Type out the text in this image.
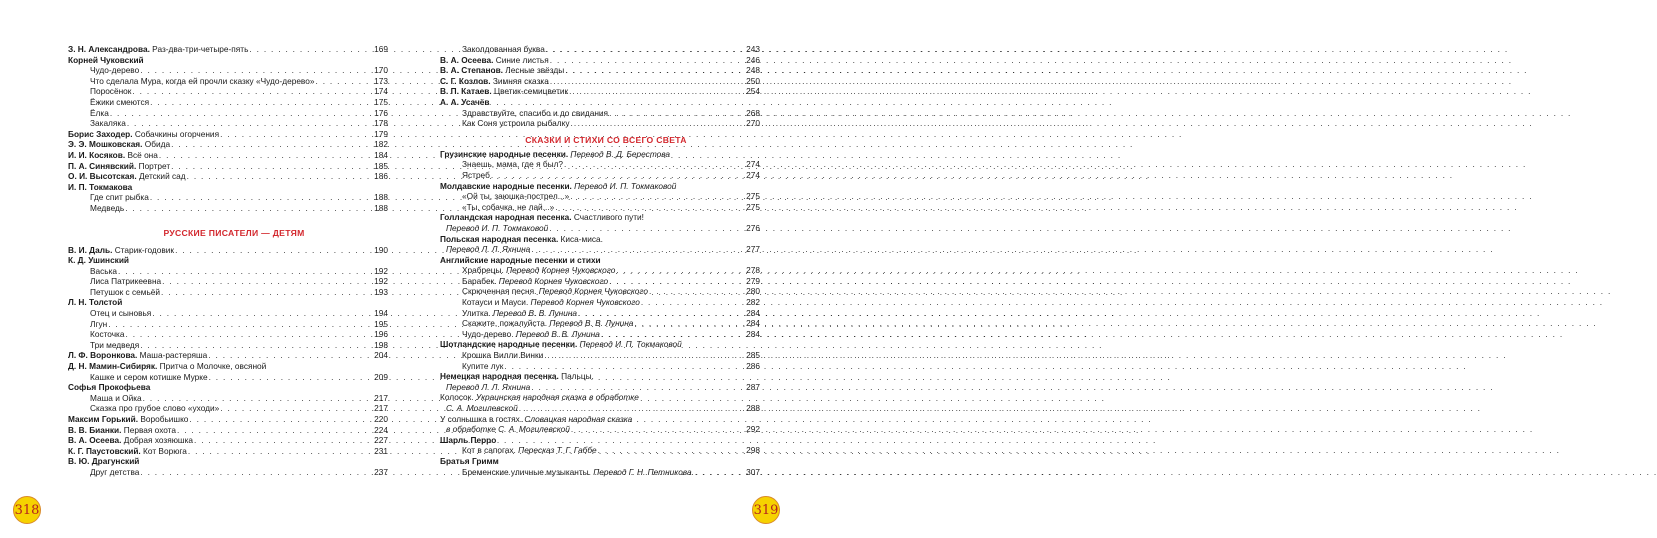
З. Н. Александрова. Раз-два-три-четыре-пять . . .	169
Корней Чуковский
Чудо-дерево . . .	170
Что сделала Мура, когда ей прочли сказку «Чудо-дерево» . . .	173
Поросёнок . . .	174
Ёжики смеются . . .	175
Ёлка . . .	176
Закаляка . . .	178
Борис Заходер. Собачкины огорчения . . .	179
Э. Э. Мошковская. Обида . . .	182
И. И. Косяков. Всё она . . .	184
П. А. Синявский. Портрет . . .	185
О. И. Высотская. Детский сад . . .	186
И. П. Токмакова
Где спит рыбка . . .	188
Медведь . . .	188
РУССКИЕ ПИСАТЕЛИ — ДЕТЯМ
В. И. Даль. Старик-годовик . . .	190
К. Д. Ушинский
Васька . . .	192
Лиса Патрикеевна . . .	192
Петушок с семьёй . . .	193
Л. Н. Толстой
Отец и сыновья . . .	194
Лгун . . .	195
Косточка . . .	196
Три медведя . . .	198
Л. Ф. Воронкова. Маша-растеряша . . .	204
Д. Н. Мамин-Сибиряк. Притча о Молочке, овсяной
Кашке и сером котишке Мурке . . .	209
Софья Прокофьева
Маша и Ойка . . .	217
Сказка про грубое слово «уходи» . . .	217
Максим Горький. Воробьишко . . .	220
В. В. Бианки. Первая охота . . .	224
В. А. Осеева. Добрая хозяюшка . . .	227
К. Г. Паустовский. Кот Ворюга . . .	231
В. Ю. Драгунский
Друг детства . . .	237
318
Заколдованная буква . . .	243
В. А. Осеева. Синие листья . . .	246
В. А. Степанов. Лесные звёзды . . .	248
С. Г. Козлов. Зимняя сказка . . .	250
В. П. Катаев. Цветик-семицветик . . .	254
А. А. Усачёв
Здравствуйте, спасибо и до свидания . . .	268
Как Соня устроила рыбалку . . .	270
СКАЗКИ И СТИХИ СО ВСЕГО СВЕТА
Грузинские народные песенки. Перевод В. Д. Берестова
Знаешь, мама, где я был? . . .	274
Ястреб . . .	274
Молдавские народные песенки. Перевод И. П. Токмаковой
«Ой ты, заюшка-пострел...» . . .	275
«Ты, собачка, не лай...» . . .	275
Голландская народная песенка. Счастливого пути!
Перевод И. П. Токмаковой . . .	276
Польская народная песенка. Киса-миса.
Перевод Л. Л. Яхнина . . .	277
Английские народные песенки и стихи
Храбрецы. Перевод Корнея Чуковского . . .	278
Барабек. Перевод Корнея Чуковского . . .	279
Скрюченная песня. Перевод Корнея Чуковского . . .	280
Котауси и Мауси. Перевод Корнея Чуковского . . .	282
Улитка. Перевод В. В. Лунина . . .	284
Скажите, пожалуйста. Перевод В. В. Лунина . . .	284
Чудо-дерево. Перевод В. В. Лунина . . .	284
Шотландские народные песенки. Перевод И. П. Токмаковой
Крошка Вилли Винки . . .	285
Купите лук . . .	286
Немецкая народная песенка. Пальцы.
Перевод Л. Л. Яхнина . . .	287
Колосок. Украинская народная сказка в обработке
С. А. Могилевской . . .	288
У солнышка в гостях. Словацкая народная сказка
в обработке С. А. Могилевской . . .	292
Шарль Перро
Кот в сапогах. Пересказ Т. Г. Габбе . . .	298
Братья Гримм
Бременские уличные музыканты. Перевод Г. Н. Петникова. . . .	307
319
